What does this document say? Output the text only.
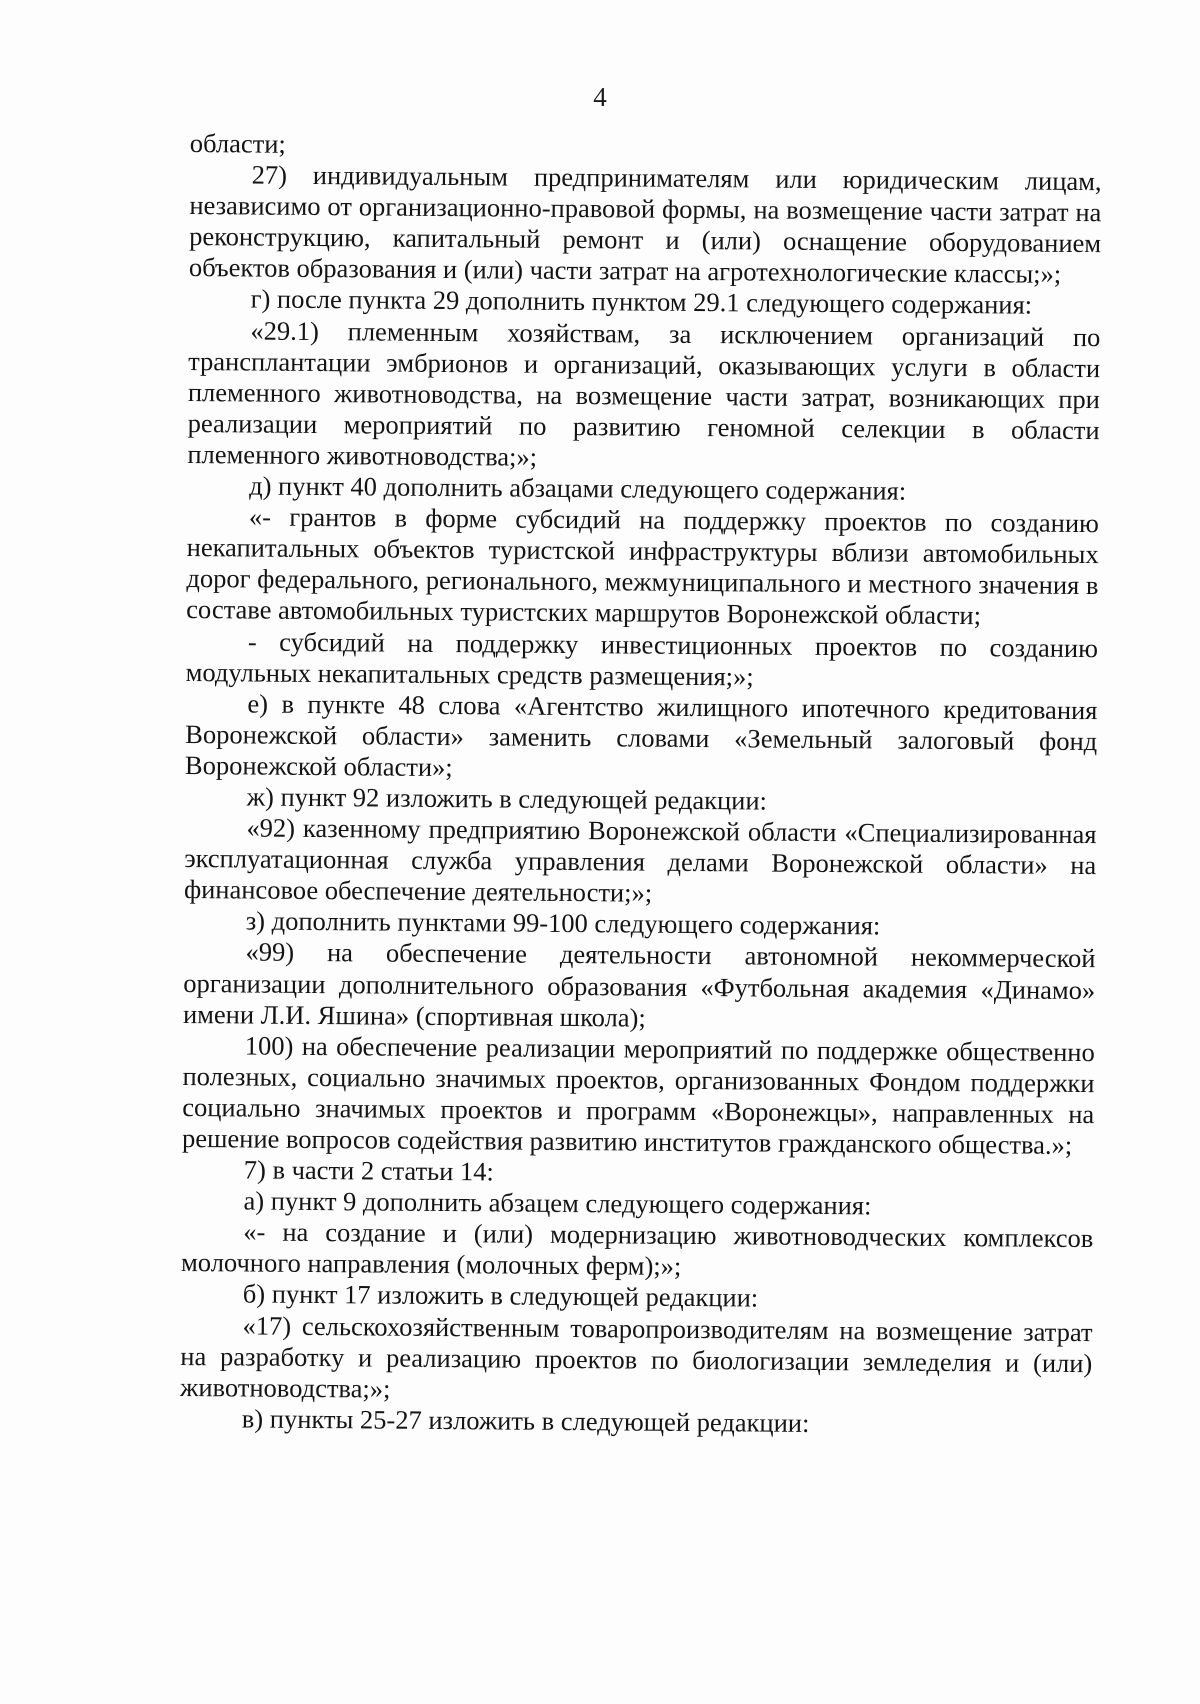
4

области;

27) индивидуальным предпринимателям или юридическим лицам, независимо от организационно-правовой формы, на возмещение части затрат на реконструкцию, капитальный ремонт и (или) оснащение оборудованием объектов образования и (или) части затрат на агротехнологические классы;»;

г) после пункта 29 дополнить пунктом 29.1 следующего содержания:

«29.1) племенным хозяйствам, за исключением организаций по трансплантации эмбрионов и организаций, оказывающих услуги в области племенного животноводства, на возмещение части затрат, возникающих при реализации мероприятий по развитию геномной селекции в области племенного животноводства;»;

д) пункт 40 дополнить абзацами следующего содержания:

«- грантов в форме субсидий на поддержку проектов по созданию некапитальных объектов туристской инфраструктуры вблизи автомобильных дорог федерального, регионального, межмуниципального и местного значения в составе автомобильных туристских маршрутов Воронежской области;

- субсидий на поддержку инвестиционных проектов по созданию модульных некапитальных средств размещения;»;

е) в пункте 48 слова «Агентство жилищного ипотечного кредитования Воронежской области» заменить словами «Земельный залоговый фонд Воронежской области»;

ж) пункт 92 изложить в следующей редакции:

«92) казенному предприятию Воронежской области «Специализированная эксплуатационная служба управления делами Воронежской области» на финансовое обеспечение деятельности;»;

з) дополнить пунктами 99-100 следующего содержания:

«99) на обеспечение деятельности автономной некоммерческой организации дополнительного образования «Футбольная академия «Динамо» имени Л.И. Яшина» (спортивная школа);

100) на обеспечение реализации мероприятий по поддержке общественно полезных, социально значимых проектов, организованных Фондом поддержки социально значимых проектов и программ «Воронежцы», направленных на решение вопросов содействия развитию институтов гражданского общества.»;

7) в части 2 статьи 14:

а) пункт 9 дополнить абзацем следующего содержания:

«- на создание и (или) модернизацию животноводческих комплексов молочного направления (молочных ферм);»;

б) пункт 17 изложить в следующей редакции:

«17) сельскохозяйственным товаропроизводителям на возмещение затрат на разработку и реализацию проектов по биологизации земледелия и (или) животноводства;»;

в) пункты 25-27 изложить в следующей редакции:
